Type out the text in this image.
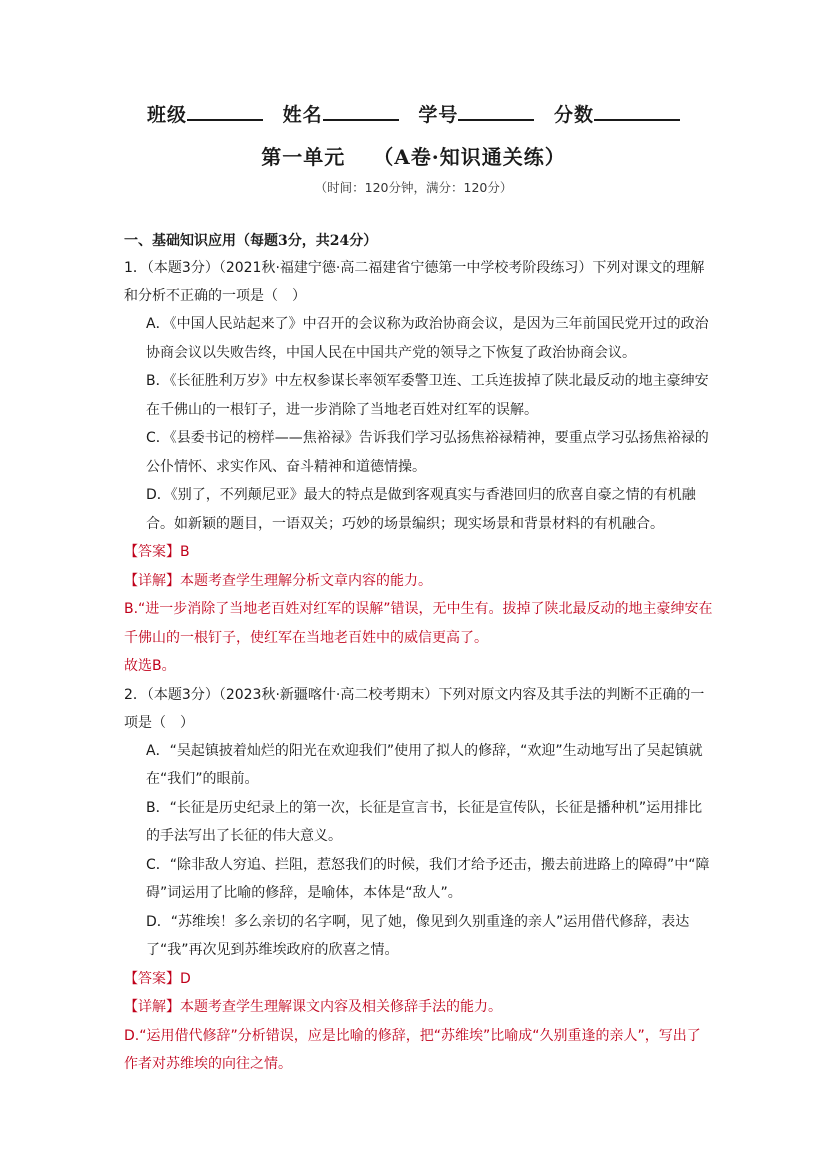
班级	姓名	学号	分数
第一单元 （A卷·知识通关练）
（时间：120分钟，满分：120分）
一、基础知识应用（每题3分，共24分）
1．（本题3分）（2021秋·福建宁德·高二福建省宁德第一中学校考阶段练习）下列对课文的理解和分析不正确的一项是（　）
A．《中国人民站起来了》中召开的会议称为政治协商会议，是因为三年前国民党开过的政治协商会议以失败告终，中国人民在中国共产党的领导之下恢复了政治协商会议。
B．《长征胜利万岁》中左权参谋长率领军委警卫连、工兵连拔掉了陕北最反动的地主豪绅安在千佛山的一根钉子，进一步消除了当地老百姓对红军的误解。
C．《县委书记的榜样——焦裕禄》告诉我们学习弘扬焦裕禄精神，要重点学习弘扬焦裕禄的公仆情怀、求实作风、奋斗精神和道德情操。
D．《别了，不列颠尼亚》最大的特点是做到客观真实与香港回归的欣喜自豪之情的有机融合。如新颖的题目，一语双关；巧妙的场景编织；现实场景和背景材料的有机融合。
【答案】B
【详解】本题考查学生理解分析文章内容的能力。
B.“进一步消除了当地老百姓对红军的误解”错误，无中生有。拔掉了陕北最反动的地主豪绅安在千佛山的一根钉子，使红军在当地老百姓中的威信更高了。
故选B。
2．（本题3分）（2023秋·新疆喀什·高二校考期末）下列对原文内容及其手法的判断不正确的一项是（　）
A．“吴起镇披着灿烂的阳光在欢迎我们”使用了拟人的修辞，“欢迎”生动地写出了吴起镇就在“我们”的眼前。
B．“长征是历史纪录上的第一次，长征是宣言书，长征是宣传队，长征是播种机”运用排比的手法写出了长征的伟大意义。
C．“除非敌人穷追、拦阻，惹怒我们的时候，我们才给予还击，搬去前进路上的障碍”中“障碍”词运用了比喻的修辞，是喻体，本体是“敌人”。
D．“苏维埃！多么亲切的名字啊，见了她，像见到久别重逢的亲人”运用借代修辞，表达了“我”再次见到苏维埃政府的欣喜之情。
【答案】D
【详解】本题考查学生理解课文内容及相关修辞手法的能力。
D.“运用借代修辞”分析错误，应是比喻的修辞，把“苏维埃”比喻成“久别重逢的亲人”，写出了作者对苏维埃的向往之情。
